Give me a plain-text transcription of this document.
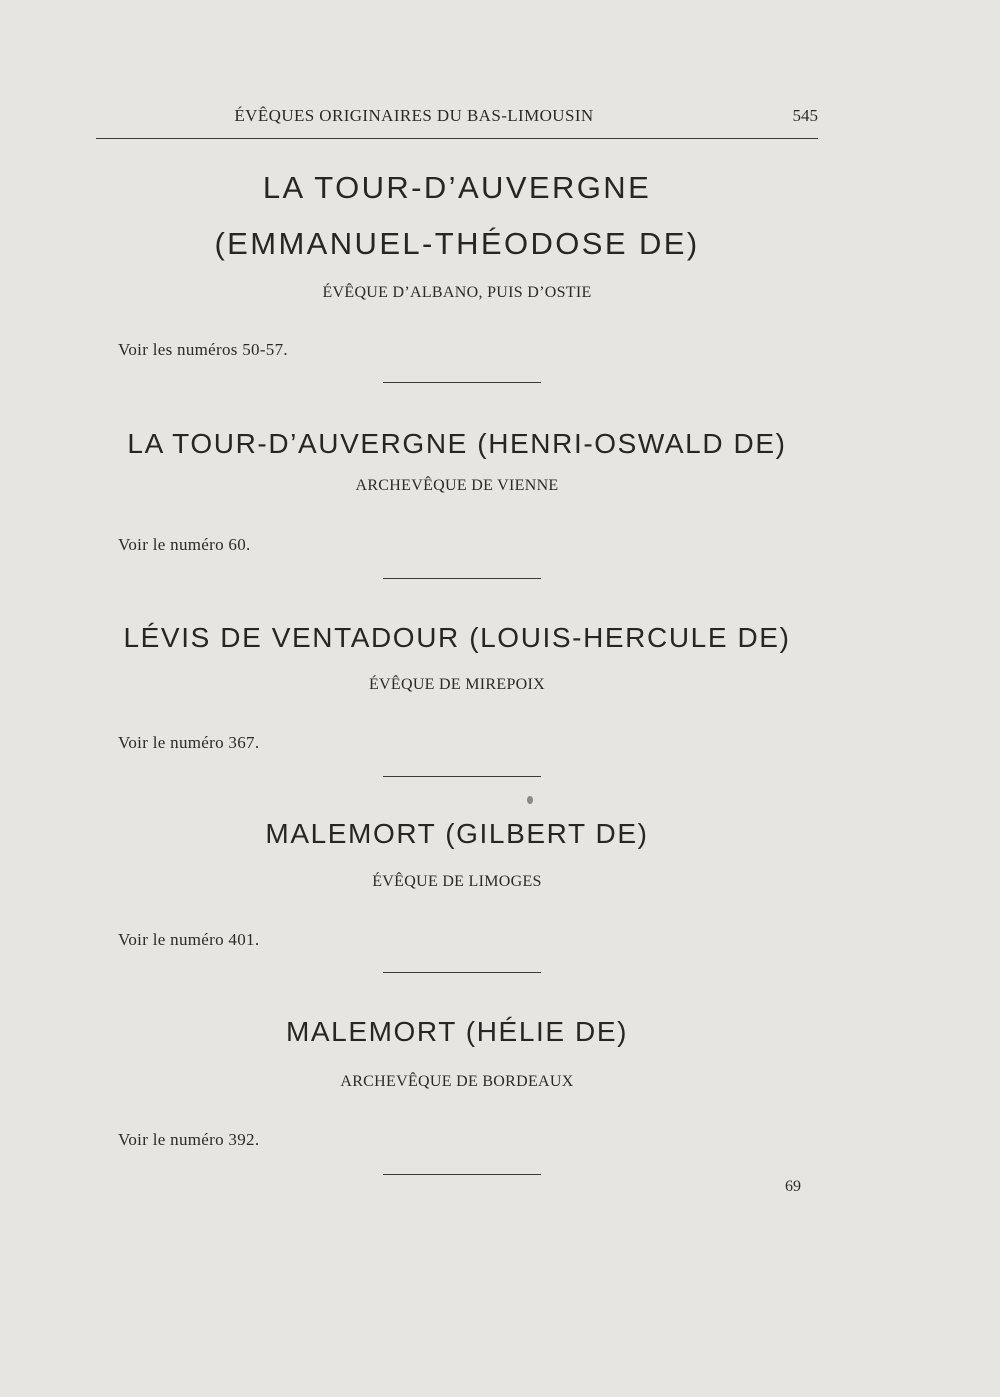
ÉVÊQUES ORIGINAIRES DU BAS-LIMOUSIN	545
LA TOUR-D’AUVERGNE
(EMMANUEL-THÉODOSE DE)
ÉVÊQUE D’ALBANO, PUIS D’OSTIE
Voir les numéros 50-57.
LA TOUR-D’AUVERGNE (HENRI-OSWALD DE)
ARCHEVÊQUE DE VIENNE
Voir le numéro 60.
LÉVIS DE VENTADOUR (LOUIS-HERCULE DE)
ÉVÊQUE DE MIREPOIX
Voir le numéro 367.
MALEMORT (GILBERT DE)
ÉVÊQUE DE LIMOGES
Voir le numéro 401.
MALEMORT (HÉLIE DE)
ARCHEVÊQUE DE BORDEAUX
Voir le numéro 392.
69
